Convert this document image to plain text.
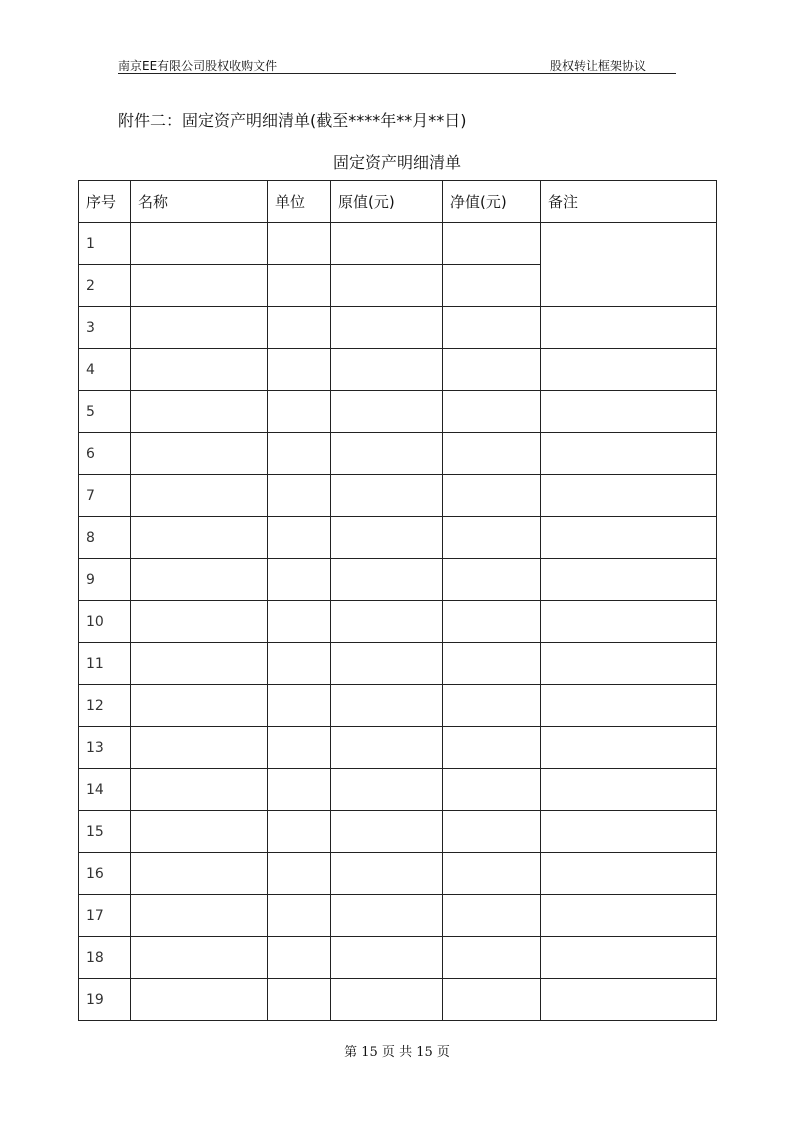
南京EE有限公司股权收购文件	股权转让框架协议
附件二：固定资产明细清单(截至****年**月**日)
固定资产明细清单
序号	名称	单位	原值(元)	净值(元)	备注
1					
2					
3					
4					
5					
6					
7					
8					
9					
10					
11					
12					
13					
14					
15					
16					
17					
18					
19					
第 15 页 共 15 页
